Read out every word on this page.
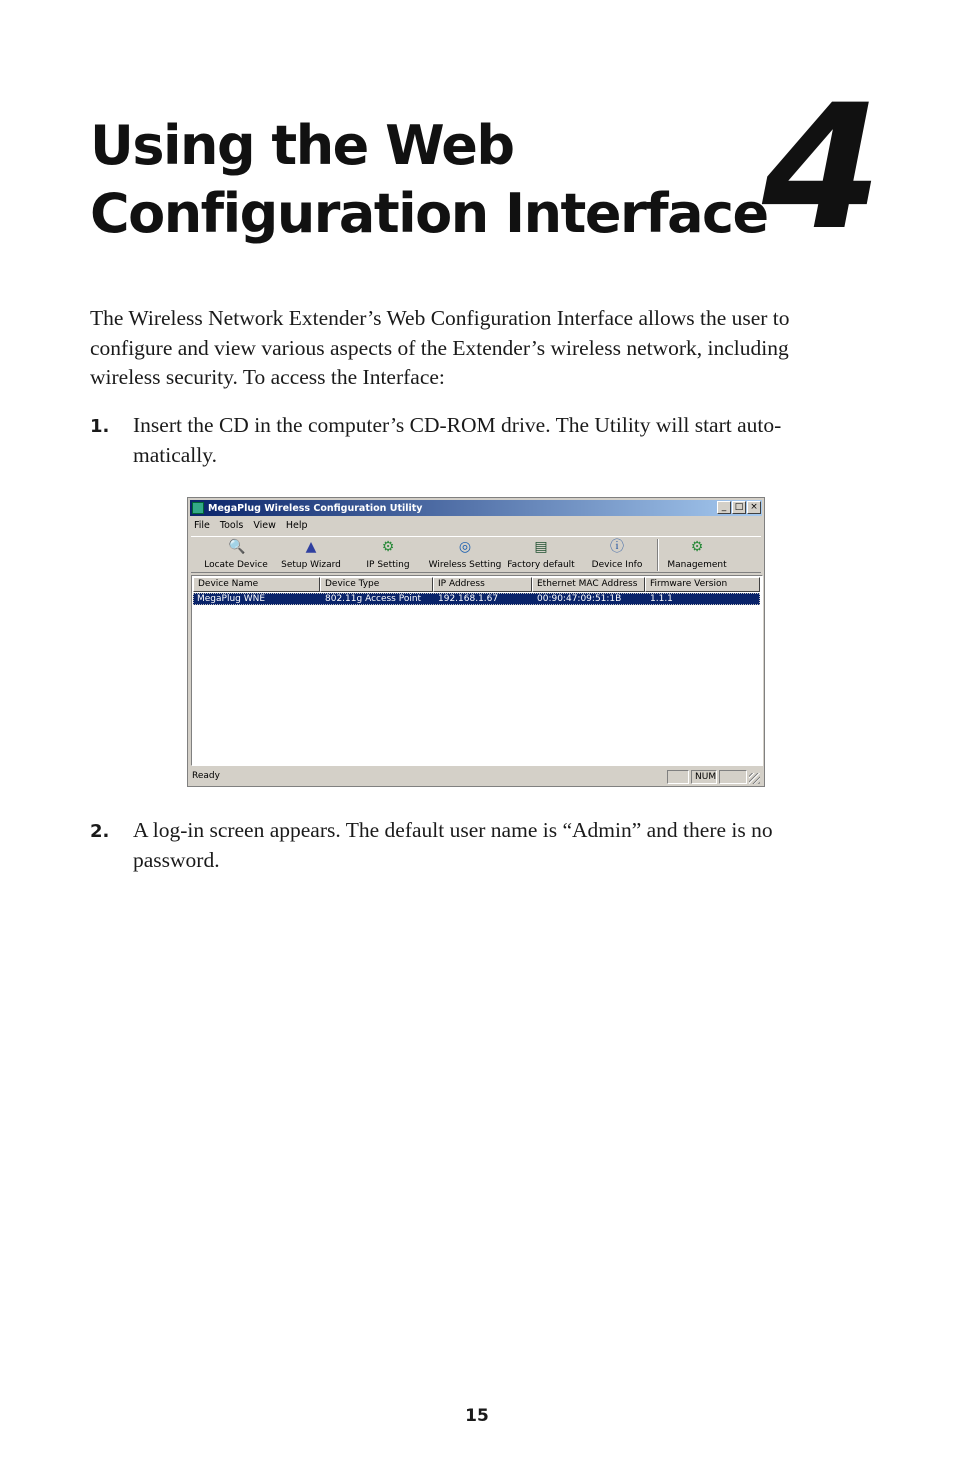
Using the Web
Configuration Interface
4

The Wireless Network Extender’s Web Configuration Interface allows the user to
configure and view various aspects of the Extender’s wireless network, including
wireless security. To access the Interface:

1. Insert the CD in the computer’s CD-ROM drive. The Utility will start auto-
matically.
MegaPlug Wireless Configuration Utility	_ □ ×
File Tools View Help
🔍
Locate Device
▲
Setup Wizard
⚙
IP Setting
◎
Wireless Setting
▤
Factory default
ⓘ
Device Info
⚙
Management
Device Name	Device Type	IP Address	Ethernet MAC Address	Firmware Version
MegaPlug WNE	802.11g Access Point 192.168.1.67	00:90:47:09:51:1B	1.1.1
Ready	NUM
2. A log-in screen appears. The default user name is “Admin” and there is no
password.
15
